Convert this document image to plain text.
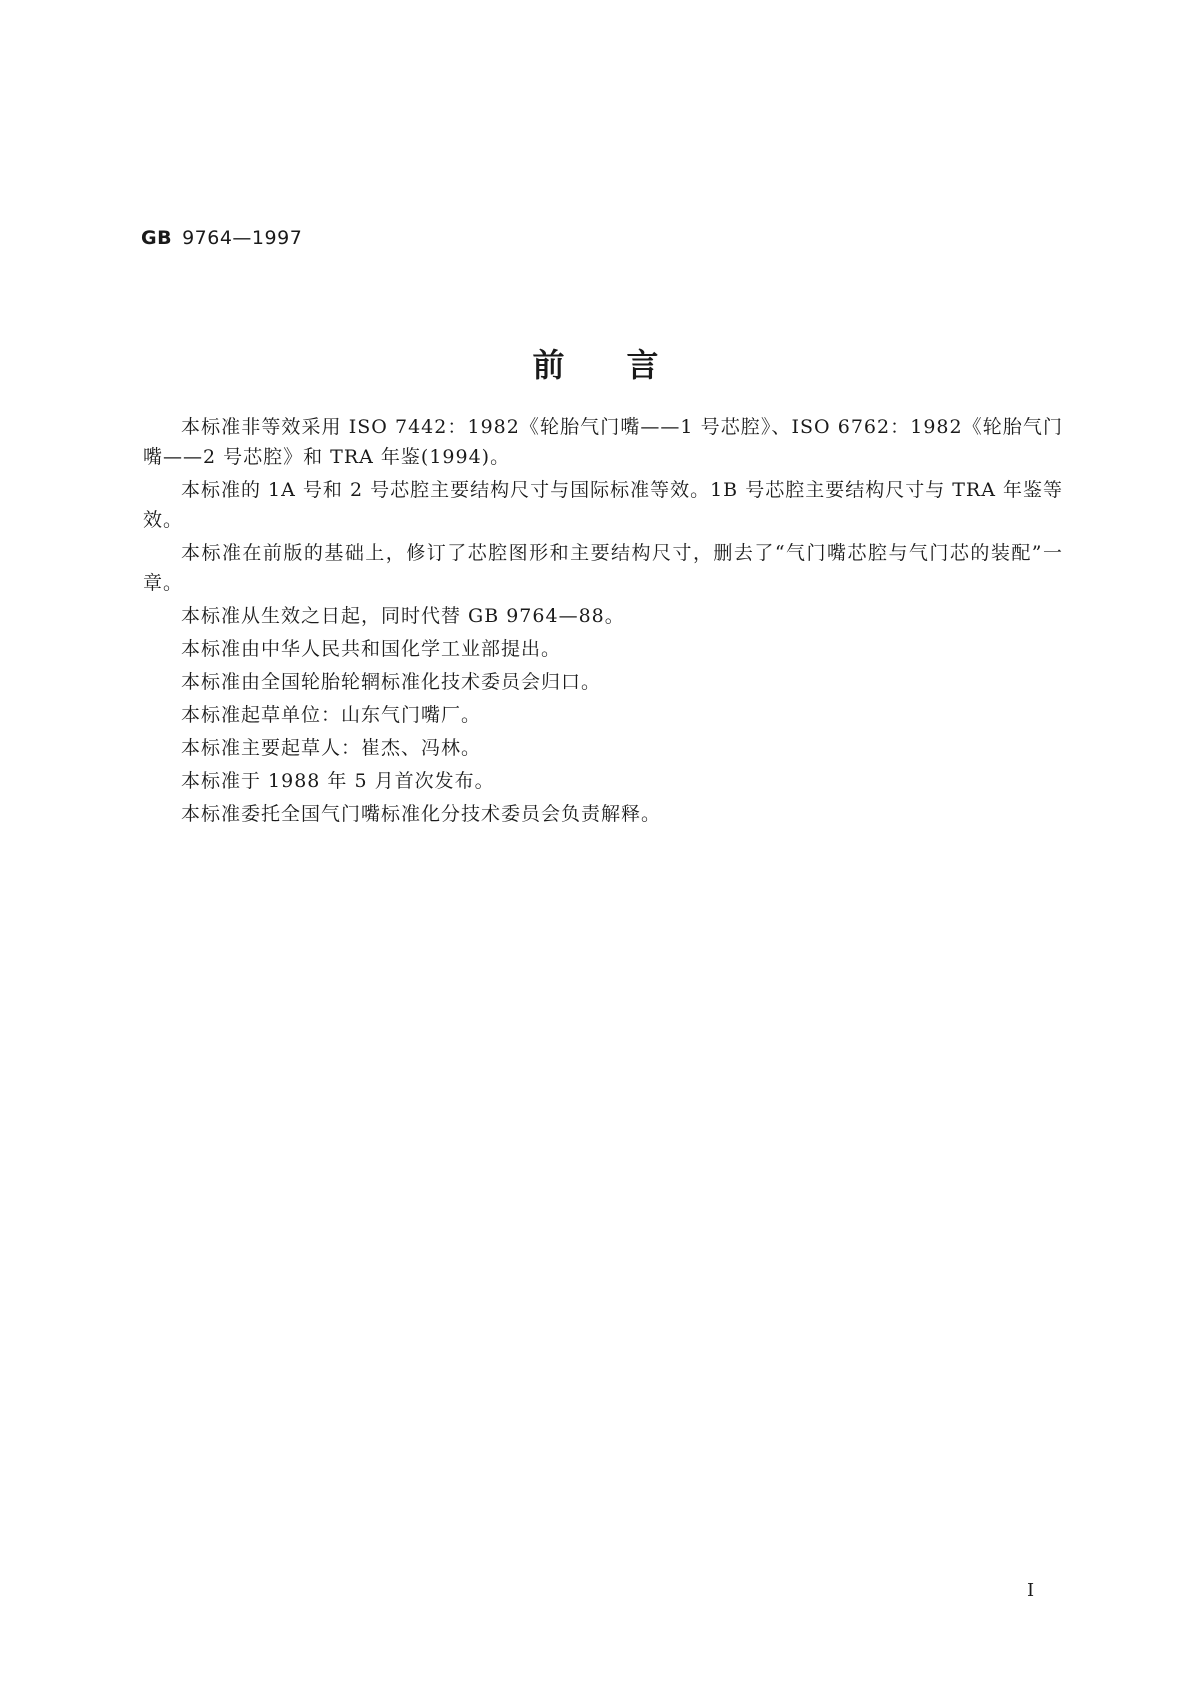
GB 9764—1997
前言

本标准非等效采用 ISO 7442：1982《轮胎气门嘴——1 号芯腔》、ISO 6762：1982《轮胎气门嘴——2 号芯腔》和 TRA 年鉴(1994)。

本标准的 1A 号和 2 号芯腔主要结构尺寸与国际标准等效。1B 号芯腔主要结构尺寸与 TRA 年鉴等效。

本标准在前版的基础上，修订了芯腔图形和主要结构尺寸，删去了“气门嘴芯腔与气门芯的装配”一章。

本标准从生效之日起，同时代替 GB 9764—88。

本标准由中华人民共和国化学工业部提出。

本标准由全国轮胎轮辋标准化技术委员会归口。

本标准起草单位：山东气门嘴厂。

本标准主要起草人：崔杰、冯林。

本标准于 1988 年 5 月首次发布。

本标准委托全国气门嘴标准化分技术委员会负责解释。

I
